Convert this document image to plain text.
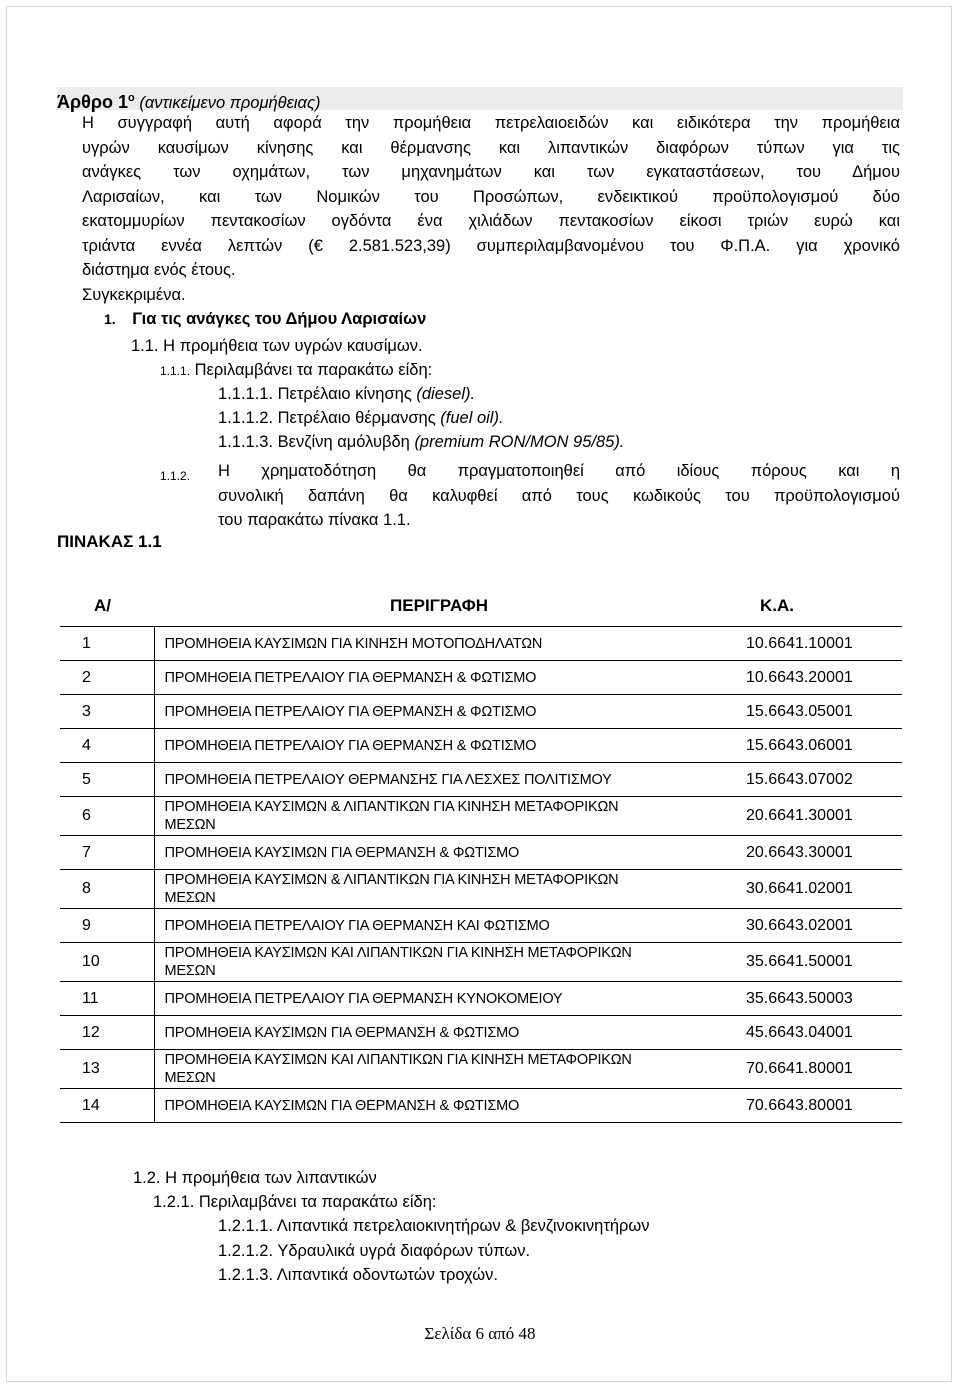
Άρθρο $1^o$ (αντικείμενο προμήθειας)
Η συγγραφή αυτή αφορά την προμήθεια πετρελαιοειδών και ειδικότερα την προμήθεια
υγρών καυσίμων κίνησης και θέρμανσης και λιπαντικών διαφόρων τύπων για τις
ανάγκες των οχημάτων, των μηχανημάτων και των εγκαταστάσεων, του Δήμου
Λαρισαίων, και των Νομικών του Προσώπων, ενδεικτικού προϋπολογισμού δύο
εκατομμυρίων πεντακοσίων ογδόντα ένα χιλιάδων πεντακοσίων είκοσι τριών ευρώ και
τριάντα εννέα λεπτών (€ 2.581.523,39) συμπεριλαμβανομένου του Φ.Π.Α. για χρονικό
διάστημα ενός έτους.
Συγκεκριμένα.
1. Για τις ανάγκες του Δήμου Λαρισαίων
1.1. Η προμήθεια των υγρών καυσίμων.
1.1.1. Περιλαμβάνει τα παρακάτω είδη:
1.1.1.1. Πετρέλαιο κίνησης (diesel).
1.1.1.2. Πετρέλαιο θέρμανσης (fuel oil).
1.1.1.3. Βενζίνη αμόλυβδη (premium RON/MON 95/85).
1.1.2. Η χρηματοδότηση θα πραγματοποιηθεί από ιδίους πόρους και η
συνολική δαπάνη θα καλυφθεί από τους κωδικούς του προϋπολογισμού
του παρακάτω πίνακα 1.1.
ΠΙΝΑΚΑΣ 1.1
Α/	ΠΕΡΙΓΡΑΦΗ	Κ.Α.
1	ΠΡΟΜΗΘΕΙΑ ΚΑΥΣΙΜΩΝ ΓΙΑ ΚΙΝΗΣΗ ΜΟΤΟΠΟΔΗΛΑΤΩΝ	10.6641.10001
2	ΠΡΟΜΗΘΕΙΑ ΠΕΤΡΕΛΑΙΟΥ ΓΙΑ ΘΕΡΜΑΝΣΗ & ΦΩΤΙΣΜΟ	10.6643.20001
3	ΠΡΟΜΗΘΕΙΑ ΠΕΤΡΕΛΑΙΟΥ ΓΙΑ ΘΕΡΜΑΝΣΗ & ΦΩΤΙΣΜΟ	15.6643.05001
4	ΠΡΟΜΗΘΕΙΑ ΠΕΤΡΕΛΑΙΟΥ ΓΙΑ ΘΕΡΜΑΝΣΗ & ΦΩΤΙΣΜΟ	15.6643.06001
5	ΠΡΟΜΗΘΕΙΑ ΠΕΤΡΕΛΑΙΟΥ ΘΕΡΜΑΝΣΗΣ ΓΙΑ ΛΕΣΧΕΣ ΠΟΛΙΤΙΣΜΟΥ	15.6643.07002
6	ΠΡΟΜΗΘΕΙΑ ΚΑΥΣΙΜΩΝ & ΛΙΠΑΝΤΙΚΩΝ ΓΙΑ ΚΙΝΗΣΗ ΜΕΤΑΦΟΡΙΚΩΝ
ΜΕΣΩΝ	20.6641.30001
7	ΠΡΟΜΗΘΕΙΑ ΚΑΥΣΙΜΩΝ ΓΙΑ ΘΕΡΜΑΝΣΗ & ΦΩΤΙΣΜΟ	20.6643.30001
8	ΠΡΟΜΗΘΕΙΑ ΚΑΥΣΙΜΩΝ & ΛΙΠΑΝΤΙΚΩΝ ΓΙΑ ΚΙΝΗΣΗ ΜΕΤΑΦΟΡΙΚΩΝ
ΜΕΣΩΝ	30.6641.02001
9	ΠΡΟΜΗΘΕΙΑ ΠΕΤΡΕΛΑΙΟΥ ΓΙΑ ΘΕΡΜΑΝΣΗ ΚΑΙ ΦΩΤΙΣΜΟ	30.6643.02001
10	ΠΡΟΜΗΘΕΙΑ ΚΑΥΣΙΜΩΝ ΚΑΙ ΛΙΠΑΝΤΙΚΩΝ ΓΙΑ ΚΙΝΗΣΗ ΜΕΤΑΦΟΡΙΚΩΝ
ΜΕΣΩΝ	35.6641.50001
11	ΠΡΟΜΗΘΕΙΑ ΠΕΤΡΕΛΑΙΟΥ ΓΙΑ ΘΕΡΜΑΝΣΗ ΚΥΝΟΚΟΜΕΙΟΥ	35.6643.50003
12	ΠΡΟΜΗΘΕΙΑ ΚΑΥΣΙΜΩΝ ΓΙΑ ΘΕΡΜΑΝΣΗ & ΦΩΤΙΣΜΟ	45.6643.04001
13	ΠΡΟΜΗΘΕΙΑ ΚΑΥΣΙΜΩΝ ΚΑΙ ΛΙΠΑΝΤΙΚΩΝ ΓΙΑ ΚΙΝΗΣΗ ΜΕΤΑΦΟΡΙΚΩΝ
ΜΕΣΩΝ	70.6641.80001
14	ΠΡΟΜΗΘΕΙΑ ΚΑΥΣΙΜΩΝ ΓΙΑ ΘΕΡΜΑΝΣΗ & ΦΩΤΙΣΜΟ	70.6643.80001
1.2. Η προμήθεια των λιπαντικών
1.2.1. Περιλαμβάνει τα παρακάτω είδη:
1.2.1.1. Λιπαντικά πετρελαιοκινητήρων & βενζινοκινητήρων
1.2.1.2. Υδραυλικά υγρά διαφόρων τύπων.
1.2.1.3. Λιπαντικά οδοντωτών τροχών.
Σελίδα 6 από 48
